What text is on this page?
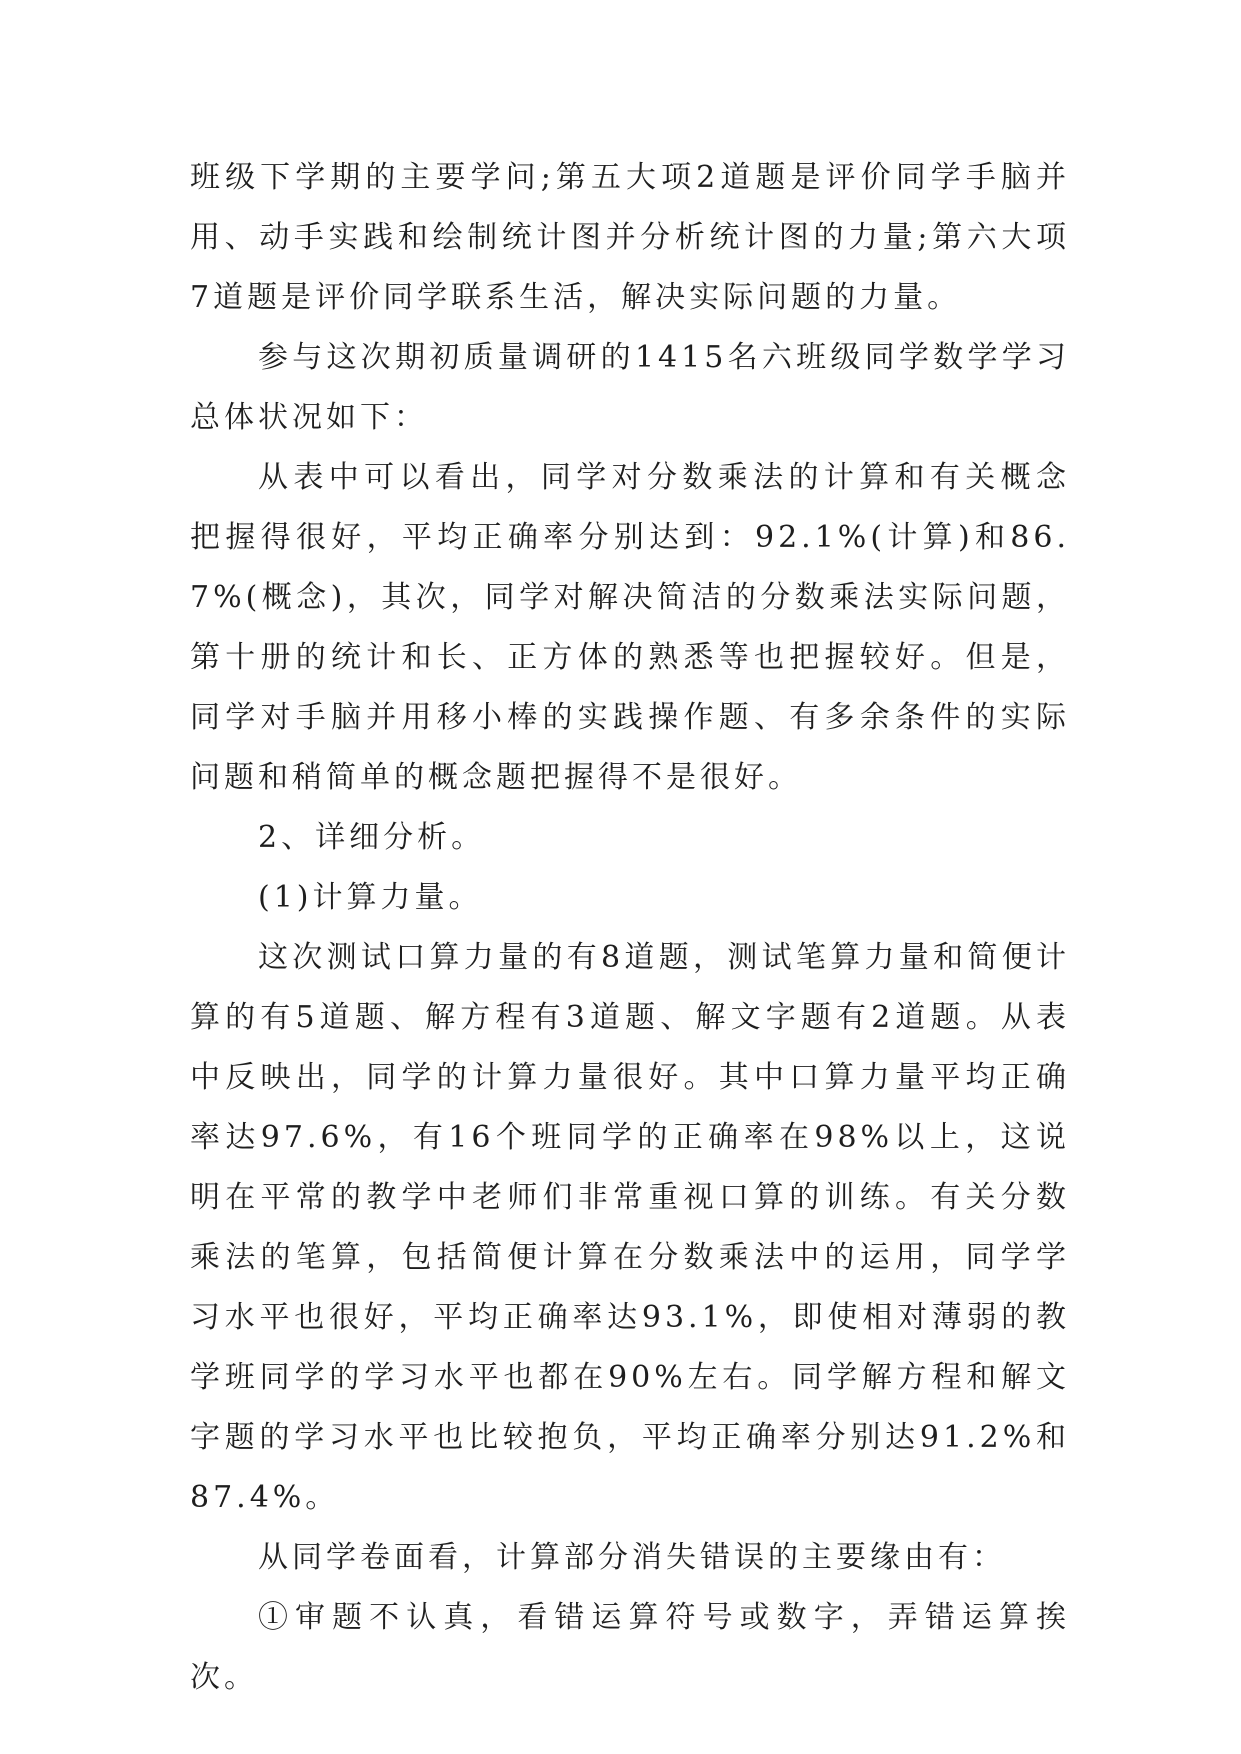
班级下学期的主要学问;第五大项2道题是评价同学手脑并用、动手实践和绘制统计图并分析统计图的力量;第六大项7道题是评价同学联系生活，解决实际问题的力量。

参与这次期初质量调研的1415名六班级同学数学学习总体状况如下：

从表中可以看出，同学对分数乘法的计算和有关概念把握得很好，平均正确率分别达到：92.1%(计算)和86.7%(概念)，其次，同学对解决简洁的分数乘法实际问题，第十册的统计和长、正方体的熟悉等也把握较好。但是，同学对手脑并用移小棒的实践操作题、有多余条件的实际问题和稍简单的概念题把握得不是很好。

2、详细分析。

(1)计算力量。

这次测试口算力量的有8道题，测试笔算力量和简便计算的有5道题、解方程有3道题、解文字题有2道题。从表中反映出，同学的计算力量很好。其中口算力量平均正确率达97.6%，有16个班同学的正确率在98%以上，这说明在平常的教学中老师们非常重视口算的训练。有关分数乘法的笔算，包括简便计算在分数乘法中的运用，同学学习水平也很好，平均正确率达93.1%，即使相对薄弱的教学班同学的学习水平也都在90%左右。同学解方程和解文字题的学习水平也比较抱负，平均正确率分别达91.2%和87.4%。

从同学卷面看，计算部分消失错误的主要缘由有：

①审题不认真，看错运算符号或数字，弄错运算挨次。
